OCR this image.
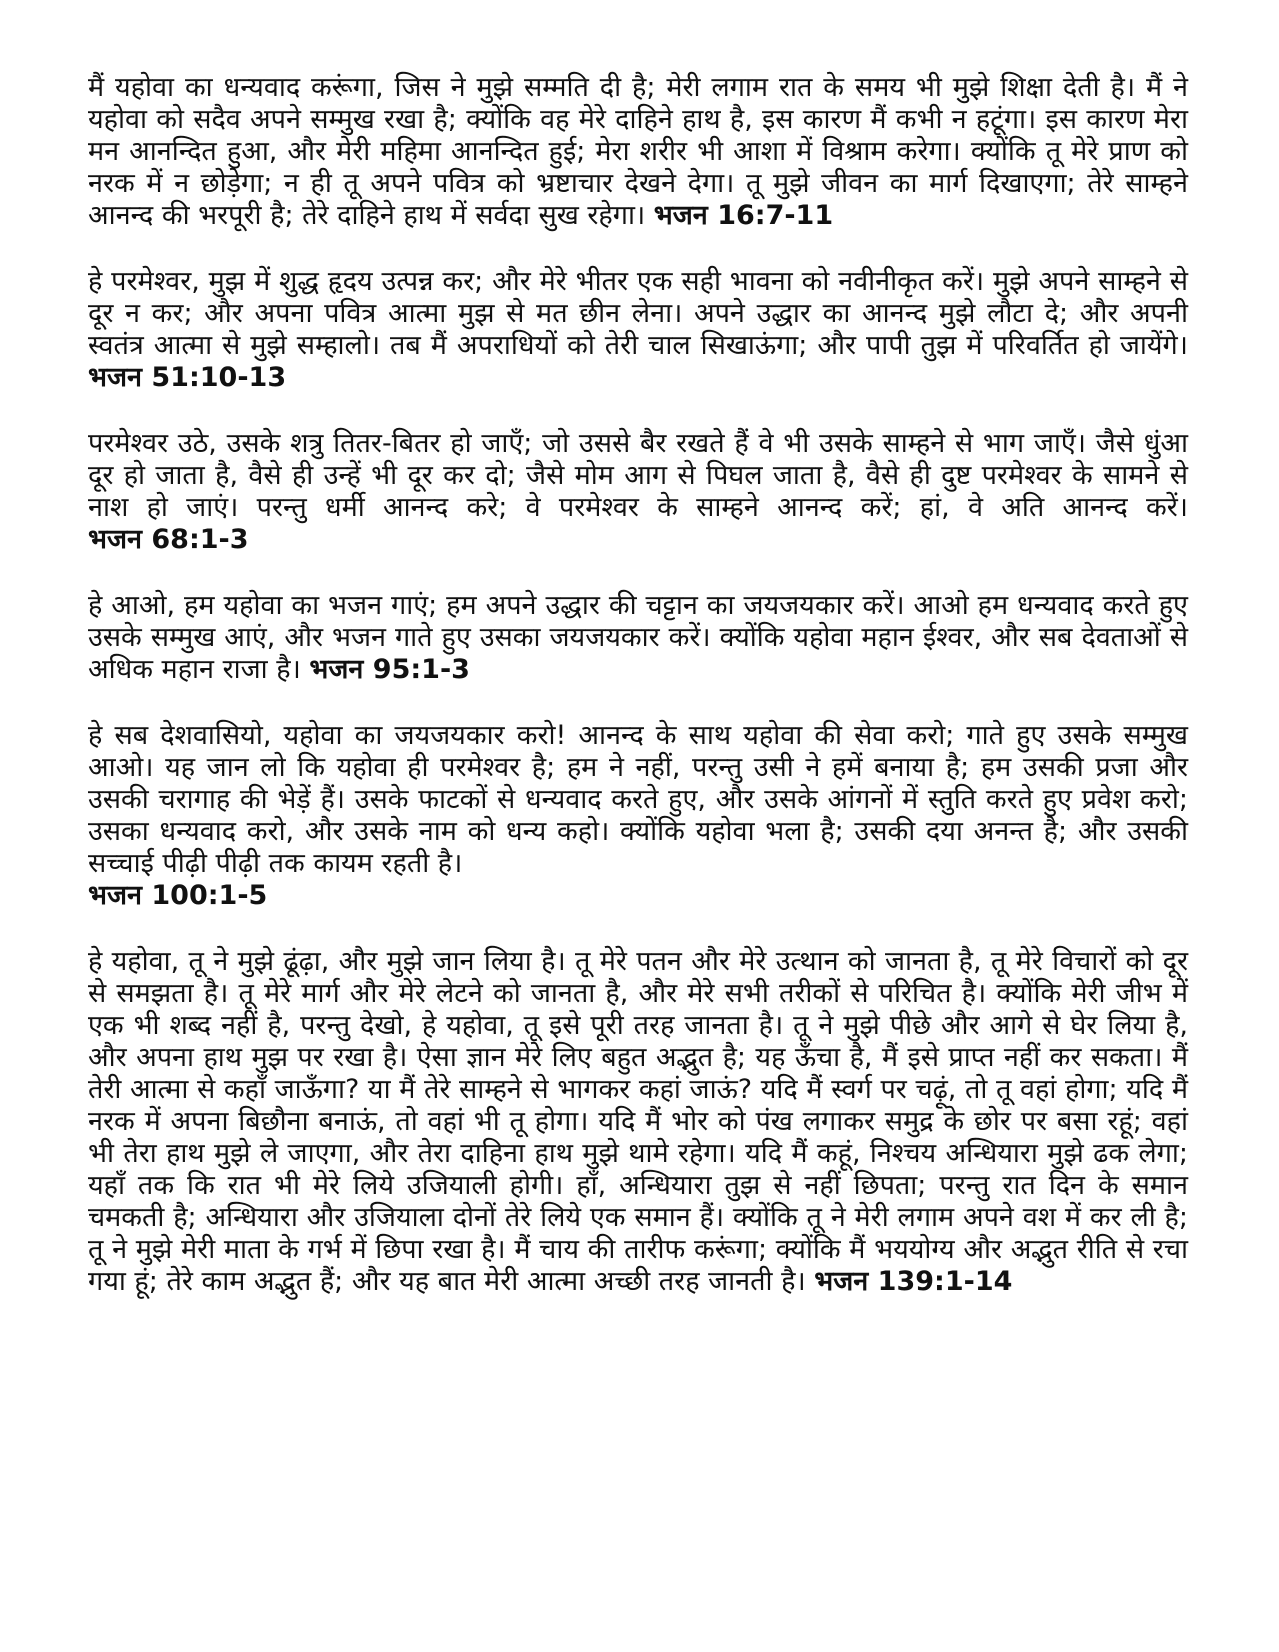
मैं यहोवा का धन्यवाद करूंगा, जिस ने मुझे सम्मति दी है; मेरी लगाम रात के समय भी मुझे शिक्षा देती है। मैं ने यहोवा को सदैव अपने सम्मुख रखा है; क्योंकि वह मेरे दाहिने हाथ है, इस कारण मैं कभी न हटूंगा। इस कारण मेरा मन आनन्दित हुआ, और मेरी महिमा आनन्दित हुई; मेरा शरीर भी आशा में विश्राम करेगा। क्योंकि तू मेरे प्राण को नरक में न छोड़ेगा; न ही तू अपने पवित्र को भ्रष्टाचार देखने देगा। तू मुझे जीवन का मार्ग दिखाएगा; तेरे साम्हने आनन्द की भरपूरी है; तेरे दाहिने हाथ में सर्वदा सुख रहेगा। भजन 16:7-11

हे परमेश्वर, मुझ में शुद्ध हृदय उत्पन्न कर; और मेरे भीतर एक सही भावना को नवीनीकृत करें। मुझे अपने साम्हने से दूर न कर; और अपना पवित्र आत्मा मुझ से मत छीन लेना। अपने उद्धार का आनन्द मुझे लौटा दे; और अपनी स्वतंत्र आत्मा से मुझे सम्हालो। तब मैं अपराधियों को तेरी चाल सिखाऊंगा; और पापी तुझ में परिवर्तित हो जायेंगे। भजन 51:10-13

परमेश्वर उठे, उसके शत्रु तितर-बितर हो जाएँ; जो उससे बैर रखते हैं वे भी उसके साम्हने से भाग जाएँ। जैसे धुंआ दूर हो जाता है, वैसे ही उन्हें भी दूर कर दो; जैसे मोम आग से पिघल जाता है, वैसे ही दुष्ट परमेश्वर के सामने से नाश हो जाएं। परन्तु धर्मी आनन्द करे; वे परमेश्वर के साम्हने आनन्द करें; हां, वे अति आनन्द करें। भजन 68:1-3

हे आओ, हम यहोवा का भजन गाएं; हम अपने उद्धार की चट्टान का जयजयकार करें। आओ हम धन्यवाद करते हुए उसके सम्मुख आएं, और भजन गाते हुए उसका जयजयकार करें। क्योंकि यहोवा महान ईश्वर, और सब देवताओं से अधिक महान राजा है। भजन 95:1-3

हे सब देशवासियो, यहोवा का जयजयकार करो! आनन्द के साथ यहोवा की सेवा करो; गाते हुए उसके सम्मुख आओ। यह जान लो कि यहोवा ही परमेश्वर है; हम ने नहीं, परन्तु उसी ने हमें बनाया है; हम उसकी प्रजा और उसकी चरागाह की भेड़ें हैं। उसके फाटकों से धन्यवाद करते हुए, और उसके आंगनों में स्तुति करते हुए प्रवेश करो; उसका धन्यवाद करो, और उसके नाम को धन्य कहो। क्योंकि यहोवा भला है; उसकी दया अनन्त है; और उसकी सच्चाई पीढ़ी पीढ़ी तक कायम रहती है।
भजन 100:1-5

हे यहोवा, तू ने मुझे ढूंढ़ा, और मुझे जान लिया है। तू मेरे पतन और मेरे उत्थान को जानता है, तू मेरे विचारों को दूर से समझता है। तू मेरे मार्ग और मेरे लेटने को जानता है, और मेरे सभी तरीकों से परिचित है। क्योंकि मेरी जीभ में एक भी शब्द नहीं है, परन्तु देखो, हे यहोवा, तू इसे पूरी तरह जानता है। तू ने मुझे पीछे और आगे से घेर लिया है, और अपना हाथ मुझ पर रखा है। ऐसा ज्ञान मेरे लिए बहुत अद्भुत है; यह ऊँचा है, मैं इसे प्राप्त नहीं कर सकता। मैं तेरी आत्मा से कहाँ जाऊँगा? या मैं तेरे साम्हने से भागकर कहां जाऊं? यदि मैं स्वर्ग पर चढ़ूं, तो तू वहां होगा; यदि मैं नरक में अपना बिछौना बनाऊं, तो वहां भी तू होगा। यदि मैं भोर को पंख लगाकर समुद्र के छोर पर बसा रहूं; वहां भी तेरा हाथ मुझे ले जाएगा, और तेरा दाहिना हाथ मुझे थामे रहेगा। यदि मैं कहूं, निश्चय अन्धियारा मुझे ढक लेगा; यहाँ तक कि रात भी मेरे लिये उजियाली होगी। हाँ, अन्धियारा तुझ से नहीं छिपता; परन्तु रात दिन के समान चमकती है; अन्धियारा और उजियाला दोनों तेरे लिये एक समान हैं। क्योंकि तू ने मेरी लगाम अपने वश में कर ली है; तू ने मुझे मेरी माता के गर्भ में छिपा रखा है। मैं चाय की तारीफ करूंगा; क्योंकि मैं भययोग्य और अद्भुत रीति से रचा गया हूं; तेरे काम अद्भुत हैं; और यह बात मेरी आत्मा अच्छी तरह जानती है। भजन 139:1-14
